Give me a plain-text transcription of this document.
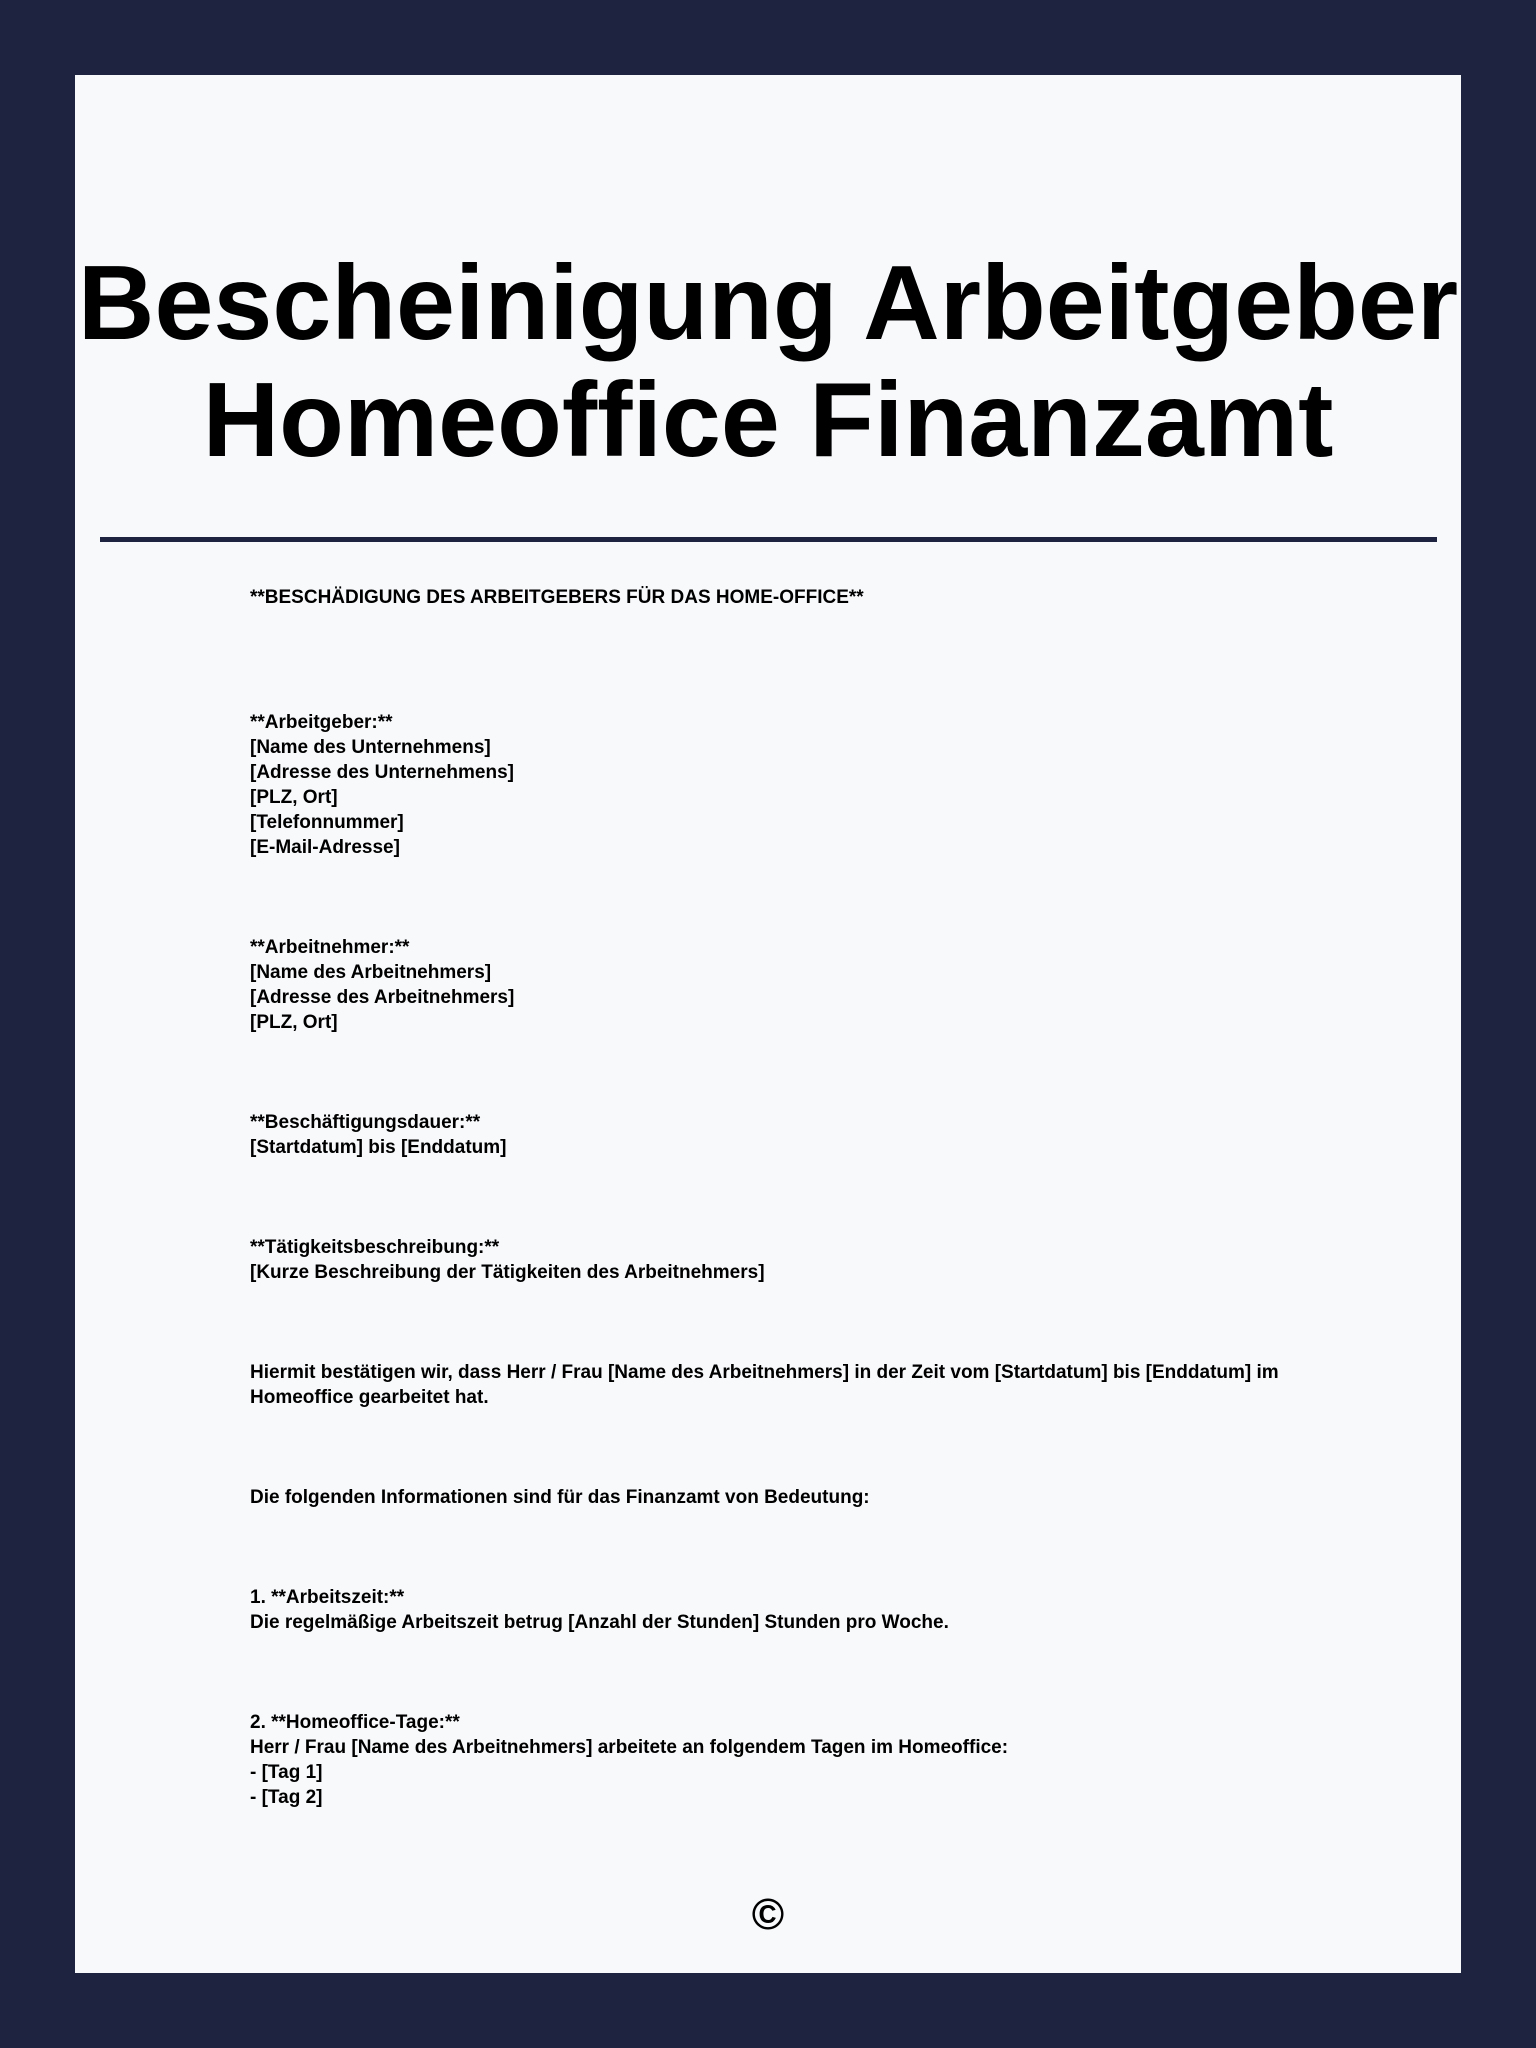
Bescheinigung Arbeitgeber
Homeoffice Finanzamt

**BESCHÄDIGUNG DES ARBEITGEBERS FÜR DAS HOME-OFFICE**

**Arbeitgeber:**
[Name des Unternehmens]
[Adresse des Unternehmens]
[PLZ, Ort]
[Telefonnummer]
[E-Mail-Adresse]

**Arbeitnehmer:**
[Name des Arbeitnehmers]
[Adresse des Arbeitnehmers]
[PLZ, Ort]

**Beschäftigungsdauer:**
[Startdatum] bis [Enddatum]

**Tätigkeitsbeschreibung:**
[Kurze Beschreibung der Tätigkeiten des Arbeitnehmers]

Hiermit bestätigen wir, dass Herr / Frau [Name des Arbeitnehmers] in der Zeit vom [Startdatum] bis [Enddatum] im Homeoffice gearbeitet hat.

Die folgenden Informationen sind für das Finanzamt von Bedeutung:

1. **Arbeitszeit:**
Die regelmäßige Arbeitszeit betrug [Anzahl der Stunden] Stunden pro Woche.

2. **Homeoffice-Tage:**
Herr / Frau [Name des Arbeitnehmers] arbeitete an folgendem Tagen im Homeoffice:
- [Tag 1]
- [Tag 2]

©
